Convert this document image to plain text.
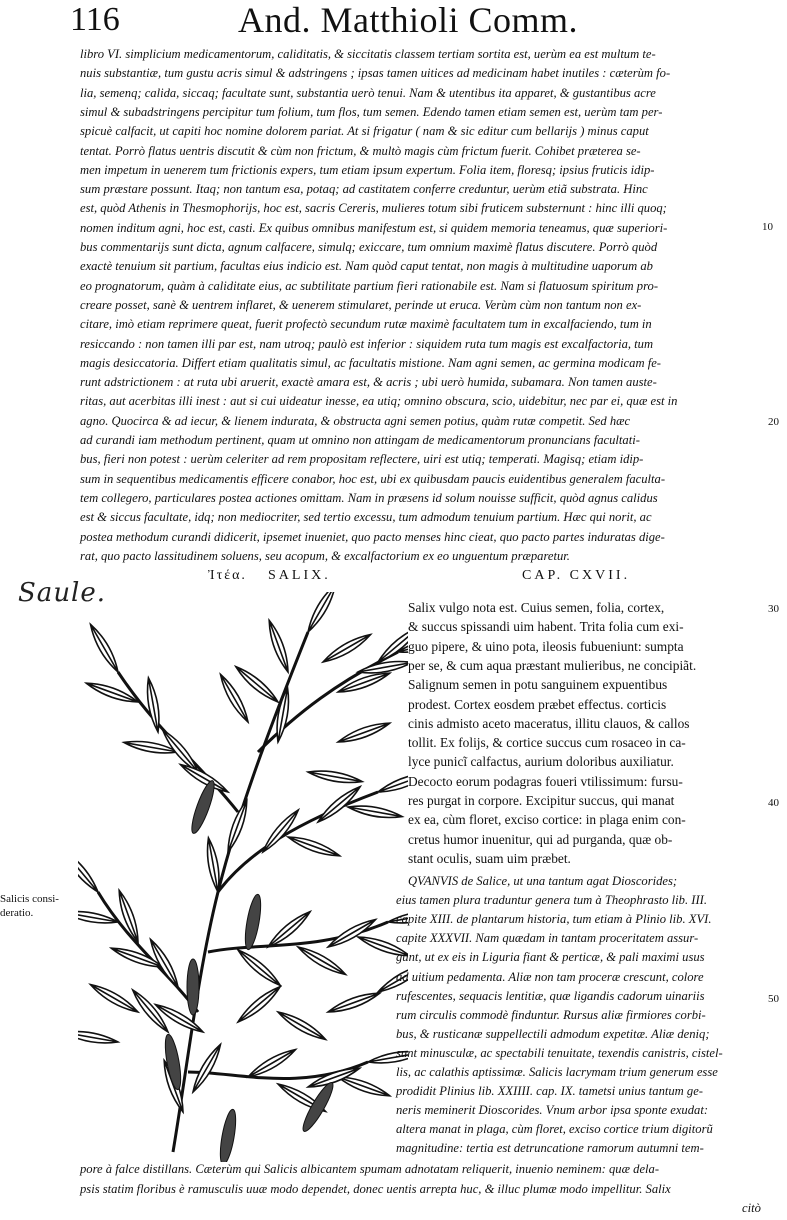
116	And. Matthioli Comm.
libro VI. simplicium medicamentorum, caliditatis, & siccitatis classem tertiam sortita est, uerùm ea est multum te-
nuis substantiæ, tum gustu acris simul & adstringens ; ipsas tamen uitices ad medicinam habet inutiles : cæterùm fo-
lia, semenq; calida, siccaq; facultate sunt, substantia uerò tenui. Nam & utentibus ita apparet, & gustantibus acre
simul & subadstringens percipitur tum folium, tum flos, tum semen. Edendo tamen etiam semen est, uerùm tam per-
spicuè calfacit, ut capiti hoc nomine dolorem pariat. At si frigatur ( nam & sic editur cum bellarijs ) minus caput
tentat. Porrò flatus uentris discutit & cùm non frictum, & multò magis cùm frictum fuerit. Cohibet præterea se-
men impetum in uenerem tum frictionis expers, tum etiam ipsum expertum. Folia item, floresq; ipsius fruticis idip-
sum præstare possunt. Itaq; non tantum esa, potaq; ad castitatem conferre creduntur, uerùm etiã substrata. Hinc
est, quòd Athenis in Thesmophorijs, hoc est, sacris Cereris, mulieres totum sibi fruticem substernunt : hinc illi quoq;
nomen inditum agni, hoc est, casti. Ex quibus omnibus manifestum est, si quidem memoria teneamus, quæ superiori-
bus commentarijs sunt dicta, agnum calfacere, simulq; exiccare, tum omnium maximè flatus discutere. Porrò quòd
exactè tenuium sit partium, facultas eius indicio est. Nam quòd caput tentat, non magis à multitudine uaporum ab
eo prognatorum, quàm à caliditate eius, ac subtilitate partium fieri rationabile est. Nam si flatuosum spiritum pro-
creare posset, sanè & uentrem inflaret, & uenerem stimularet, perinde ut eruca. Verùm cùm non tantum non ex-
citare, imò etiam reprimere queat, fuerit profectò secundum rutæ maximè facultatem tum in excalfaciendo, tum in
resiccando : non tamen illi par est, nam utroq; paulò est inferior : siquidem ruta tum magis est excalfactoria, tum
magis desiccatoria. Differt etiam qualitatis simul, ac facultatis mistione. Nam agni semen, ac germina modicam fe-
runt adstrictionem : at ruta ubi aruerit, exactè amara est, & acris ; ubi uerò humida, subamara. Non tamen auste-
ritas, aut acerbitas illi inest : aut si cui uideatur inesse, ea utiq; omnino obscura, scio, uidebitur, nec par ei, quæ est in
agno. Quocirca & ad iecur, & lienem indurata, & obstructa agni semen potius, quàm rutæ competit. Sed hæc
ad curandi iam methodum pertinent, quam ut omnino non attingam de medicamentorum pronuncians facultati-
bus, fieri non potest : uerùm celeriter ad rem propositam reflectere, uiri est utiq; temperati. Magisq; etiam idip-
sum in sequentibus medicamentis efficere conabor, hoc est, ubi ex quibusdam paucis euidentibus generalem faculta-
tem collegero, particulares postea actiones omittam. Nam in præsens id solum nouisse sufficit, quòd agnus calidus
est & siccus facultate, idq; non mediocriter, sed tertio excessu, tum admodum tenuium partium. Hæc qui norit, ac
postea methodum curandi didicerit, ipsemet inueniet, quo pacto menses hinc cieat, quo pacto partes induratas dige-
rat, quo pacto lassitudinem soluens, seu acopum, & excalfactorium ex eo unguentum præparetur.
10
20
30
40
50
Saule.
Ἰτέα. SALIX.	CAP. CXVII.
Salicis consi-
deratio.
Salix vulgo nota est. Cuius semen, folia, cortex,
& succus spissandi uim habent. Trita folia cum exi-
guo pipere, & uino pota, ileosis fubueniunt: sumpta
per se, & cum aqua præstant mulieribus, ne concipiãt.
Salignum semen in potu sanguinem expuentibus
prodest. Cortex eosdem præbet effectus. corticis
cinis admisto aceto maceratus, illitu clauos, & callos
tollit. Ex folijs, & cortice succus cum rosaceo in ca-
lyce punicĩ calfactus, aurium doloribus auxiliatur.
Decocto eorum podagras foueri vtilissimum: fursu-
res purgat in corpore. Excipitur succus, qui manat
ex ea, cùm floret, exciso cortice: in plaga enim con-
cretus humor inuenitur, qui ad purganda, quæ ob-
stant oculis, suam uim præbet.
QVANVIS de Salice, ut una tantum agat Dioscorides;
eius tamen plura traduntur genera tum à Theophrasto lib. III.
capite XIII. de plantarum historia, tum etiam à Plinio lib. XVI.
capite XXXVII. Nam quædam in tantam proceritatem assur-
gunt, ut ex eis in Liguria fiant & perticæ, & pali maximi usus
ad uitium pedamenta. Aliæ non tam proceræ crescunt, colore
rufescentes, sequacis lentitiæ, quæ ligandis cadorum uinariis
rum circulis commodè finduntur. Rursus aliæ firmiores corbi-
bus, & rusticanæ suppellectili admodum expetitæ. Aliæ deniq;
sunt minusculæ, ac spectabili tenuitate, texendis canistris, cistel-
lis, ac calathis aptissimæ. Salicis lacrymam trium generum esse
prodidit Plinius lib. XXIIII. cap. IX. tametsi unius tantum ge-
neris meminerit Dioscorides. Vnum arbor ipsa sponte exudat:
altera manat in plaga, cùm floret, exciso cortice trium digitorũ
magnitudine: tertia est detruncatione ramorum autumni tem-
pore à falce distillans. Cæterùm qui Salicis albicantem spumam adnotatam reliquerit, inuenio neminem: quæ dela-
psis statim floribus è ramusculis uuæ modo dependet, donec uentis arrepta huc, & illuc plumæ modo impellitur. Salix
citò
